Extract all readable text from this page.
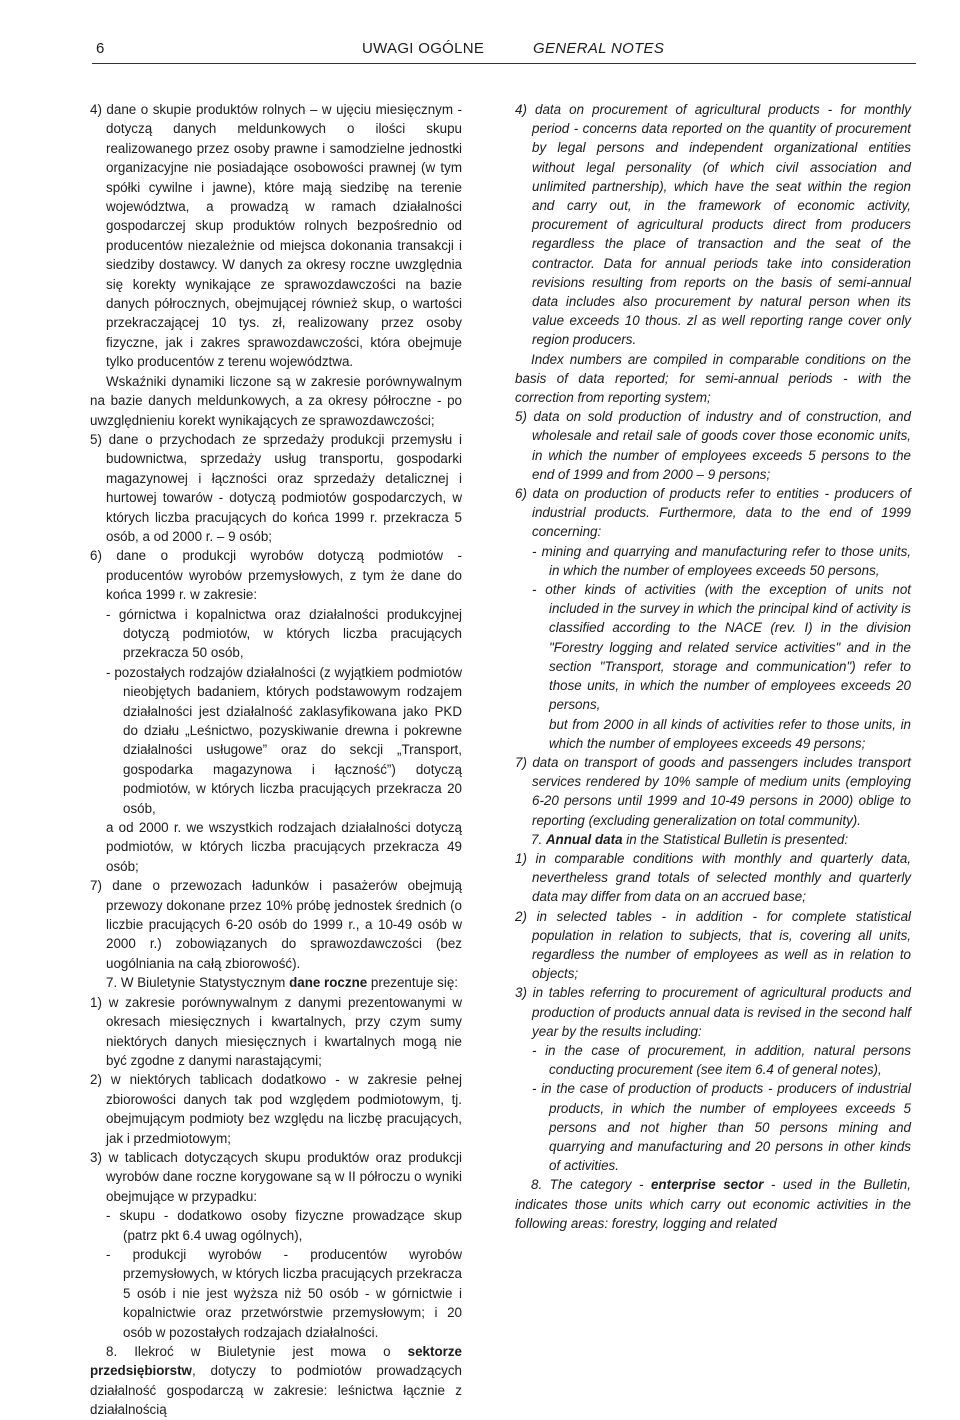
6	UWAGI OGÓLNE	GENERAL NOTES

4) dane o skupie produktów rolnych – w ujęciu miesięcznym - dotyczą danych meldunkowych o ilości skupu realizowanego przez osoby prawne i samodzielne jednostki organizacyjne nie posiadające osobowości prawnej (w tym spółki cywilne i jawne), które mają siedzibę na terenie województwa, a prowadzą w ramach działalności gospodarczej skup produktów rolnych bezpośrednio od producentów niezależnie od miejsca dokonania transakcji i siedziby dostawcy. W danych za okresy roczne uwzględnia się korekty wynikające ze sprawozdawczości na bazie danych półrocznych, obejmującej również skup, o wartości przekraczającej 10 tys. zł, realizowany przez osoby fizyczne, jak i zakres sprawozdawczości, która obejmuje tylko producentów z terenu województwa.

Wskaźniki dynamiki liczone są w zakresie porównywalnym na bazie danych meldunkowych, a za okresy półroczne - po uwzględnieniu korekt wynikających ze sprawozdawczości;

5) dane o przychodach ze sprzedaży produkcji przemysłu i budownictwa, sprzedaży usług transportu, gospodarki magazynowej i łączności oraz sprzedaży detalicznej i hurtowej towarów - dotyczą podmiotów gospodarczych, w których liczba pracujących do końca 1999 r. przekracza 5 osób, a od 2000 r. – 9 osób;

6) dane o produkcji wyrobów dotyczą podmiotów - producentów wyrobów przemysłowych, z tym że dane do końca 1999 r. w zakresie:

- górnictwa i kopalnictwa oraz działalności produkcyjnej dotyczą podmiotów, w których liczba pracujących przekracza 50 osób,

- pozostałych rodzajów działalności (z wyjątkiem podmiotów nieobjętych badaniem, których podstawowym rodzajem działalności jest działalność zaklasyfikowana jako PKD do działu „Leśnictwo, pozyskiwanie drewna i pokrewne działalności usługowe” oraz do sekcji „Transport, gospodarka magazynowa i łączność”) dotyczą podmiotów, w których liczba pracujących przekracza 20 osób,

a od 2000 r. we wszystkich rodzajach działalności dotyczą podmiotów, w których liczba pracujących przekracza 49 osób;

7) dane o przewozach ładunków i pasażerów obejmują przewozy dokonane przez 10% próbę jednostek średnich (o liczbie pracujących 6-20 osób do 1999 r., a 10-49 osób w 2000 r.) zobowiązanych do sprawozdawczości (bez uogólniania na całą zbiorowość).

7. W Biuletynie Statystycznym dane roczne prezentuje się:

1) w zakresie porównywalnym z danymi prezentowanymi w okresach miesięcznych i kwartalnych, przy czym sumy niektórych danych miesięcznych i kwartalnych mogą nie być zgodne z danymi narastającymi;

2) w niektórych tablicach dodatkowo - w zakresie pełnej zbiorowości danych tak pod względem podmiotowym, tj. obejmującym podmioty bez względu na liczbę pracujących, jak i przedmiotowym;

3) w tablicach dotyczących skupu produktów oraz produkcji wyrobów dane roczne korygowane są w II półroczu o wyniki obejmujące w przypadku:

- skupu - dodatkowo osoby fizyczne prowadzące skup (patrz pkt 6.4 uwag ogólnych),

- produkcji wyrobów - producentów wyrobów przemysłowych, w których liczba pracujących przekracza 5 osób i nie jest wyższa niż 50 osób - w górnictwie i kopalnictwie oraz przetwórstwie przemysłowym; i 20 osób w pozostałych rodzajach działalności.

8. Ilekroć w Biuletynie jest mowa o sektorze przedsiębiorstw, dotyczy to podmiotów prowadzących działalność gospodarczą w zakresie: leśnictwa łącznie z działalnością

4) data on procurement of agricultural products - for monthly period - concerns data reported on the quantity of procurement by legal persons and independent organizational entities without legal personality (of which civil association and unlimited partnership), which have the seat within the region and carry out, in the framework of economic activity, procurement of agricultural products direct from producers regardless the place of transaction and the seat of the contractor. Data for annual periods take into consideration revisions resulting from reports on the basis of semi-annual data includes also procurement by natural person when its value exceeds 10 thous. zl as well reporting range cover only region producers.

Index numbers are compiled in comparable conditions on the basis of data reported; for semi-annual periods - with the correction from reporting system;

5) data on sold production of industry and of construction, and wholesale and retail sale of goods cover those economic units, in which the number of employees exceeds 5 persons to the end of 1999 and from 2000 – 9 persons;

6) data on production of products refer to entities - producers of industrial products. Furthermore, data to the end of 1999 concerning:

- mining and quarrying and manufacturing refer to those units, in which the number of employees exceeds 50 persons,

- other kinds of activities (with the exception of units not included in the survey in which the principal kind of activity is classified according to the NACE (rev. I) in the division "Forestry logging and related service activities" and in the section "Transport, storage and communication") refer to those units, in which the number of employees exceeds 20 persons,

but from 2000 in all kinds of activities refer to those units, in which the number of employees exceeds 49 persons;

7) data on transport of goods and passengers includes transport services rendered by 10% sample of medium units (employing 6-20 persons until 1999 and 10-49 persons in 2000) oblige to reporting (excluding generalization on total community).

7. Annual data in the Statistical Bulletin is presented:

1) in comparable conditions with monthly and quarterly data, nevertheless grand totals of selected monthly and quarterly data may differ from data on an accrued base;

2) in selected tables - in addition - for complete statistical population in relation to subjects, that is, covering all units, regardless the number of employees as well as in relation to objects;

3) in tables referring to procurement of agricultural products and production of products annual data is revised in the second half year by the results including:

- in the case of procurement, in addition, natural persons conducting procurement (see item 6.4 of general notes),

- in the case of production of products - producers of industrial products, in which the number of employees exceeds 5 persons and not higher than 50 persons mining and quarrying and manufacturing and 20 persons in other kinds of activities.

8. The category - enterprise sector - used in the Bulletin, indicates those units which carry out economic activities in the following areas: forestry, logging and related
